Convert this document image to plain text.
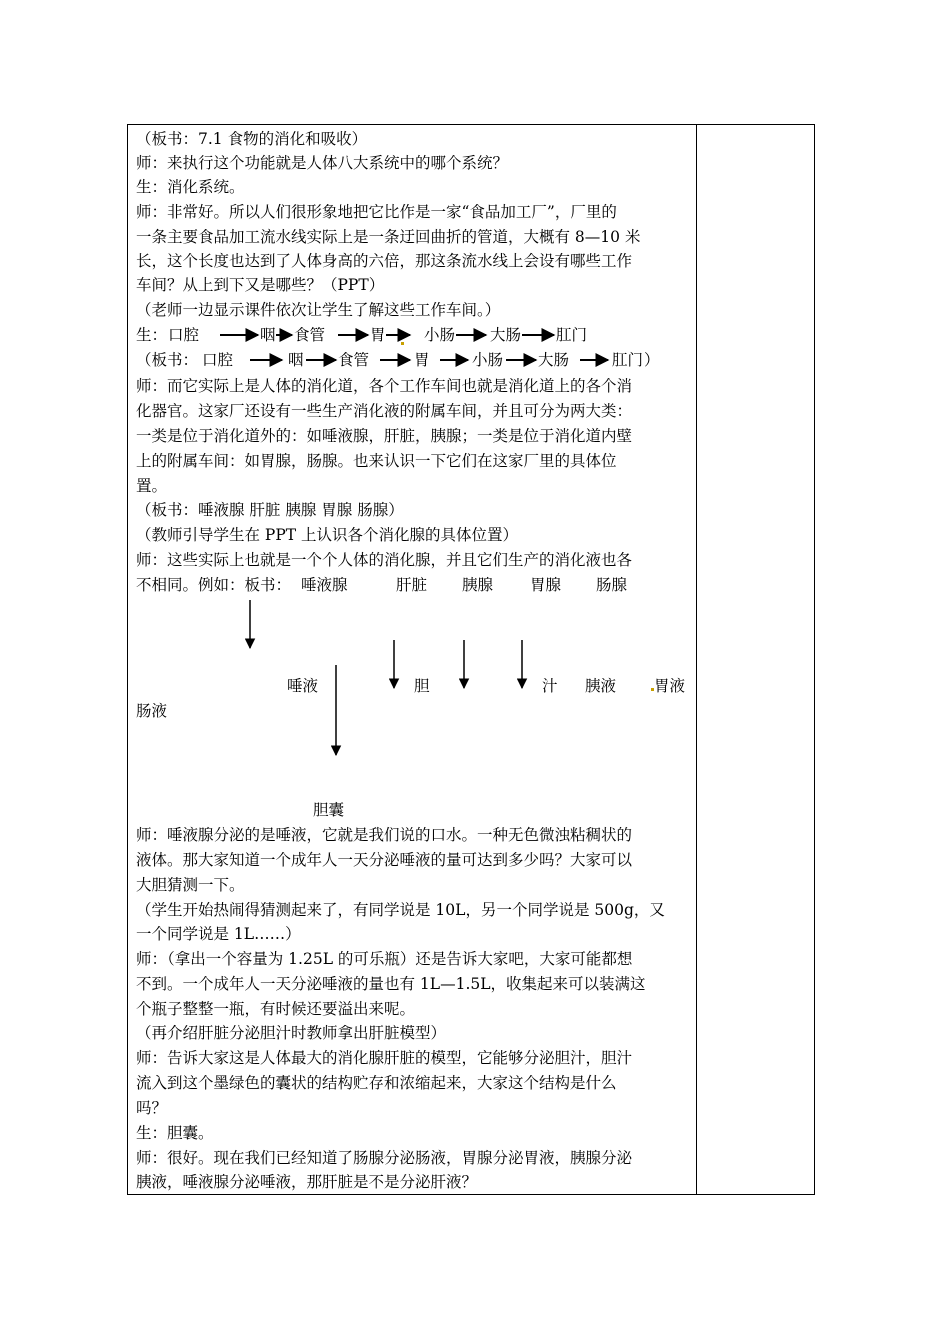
（板书：7.1 食物的消化和吸收）
师：来执行这个功能就是人体八大系统中的哪个系统？
生：消化系统。
师：非常好。所以人们很形象地把它比作是一家“食品加工厂”，厂里的
一条主要食品加工流水线实际上是一条迂回曲折的管道，大概有 8—10 米
长，这个长度也达到了人体身高的六倍，那这条流水线上会设有哪些工作
车间？从上到下又是哪些？（PPT）
（老师一边显示课件依次让学生了解这些工作车间。）
生： 口腔	咽 食管	胃 小肠 大肠 肛门
（板书： 口腔	咽 食管	胃	小肠 大肠	肛门 ）
师：而它实际上是人体的消化道，各个工作车间也就是消化道上的各个消
化器官。这家厂还设有一些生产消化液的附属车间，并且可分为两大类：
一类是位于消化道外的：如唾液腺，肝脏，胰腺；一类是位于消化道内壁
上的附属车间：如胃腺，肠腺。也来认识一下它们在这家厂里的具体位
置。
（板书：唾液腺 肝脏 胰腺 胃腺 肠腺）
（教师引导学生在 PPT 上认识各个消化腺的具体位置）
师：这些实际上也就是一个个人体的消化腺，并且它们生产的消化液也各
不相同。例如：板书： 唾液腺	肝脏 胰腺 胃腺 肠腺
唾液	胆	汁 胰液 胃液
肠液
胆囊
师：唾液腺分泌的是唾液，它就是我们说的口水。一种无色微浊粘稠状的
液体。那大家知道一个成年人一天分泌唾液的量可达到多少吗？大家可以
大胆猜测一下。
（学生开始热闹得猜测起来了，有同学说是 10L，另一个同学说是 500g，又
一个同学说是 1L……）
师：（拿出一个容量为 1.25L 的可乐瓶）还是告诉大家吧，大家可能都想
不到。一个成年人一天分泌唾液的量也有 1L—1.5L，收集起来可以装满这
个瓶子整整一瓶，有时候还要溢出来呢。
（再介绍肝脏分泌胆汁时教师拿出肝脏模型）
师：告诉大家这是人体最大的消化腺肝脏的模型，它能够分泌胆汁，胆汁
流入到这个墨绿色的囊状的结构贮存和浓缩起来，大家这个结构是什么
吗？
生：胆囊。
师：很好。现在我们已经知道了肠腺分泌肠液，胃腺分泌胃液，胰腺分泌
胰液，唾液腺分泌唾液，那肝脏是不是分泌肝液？
